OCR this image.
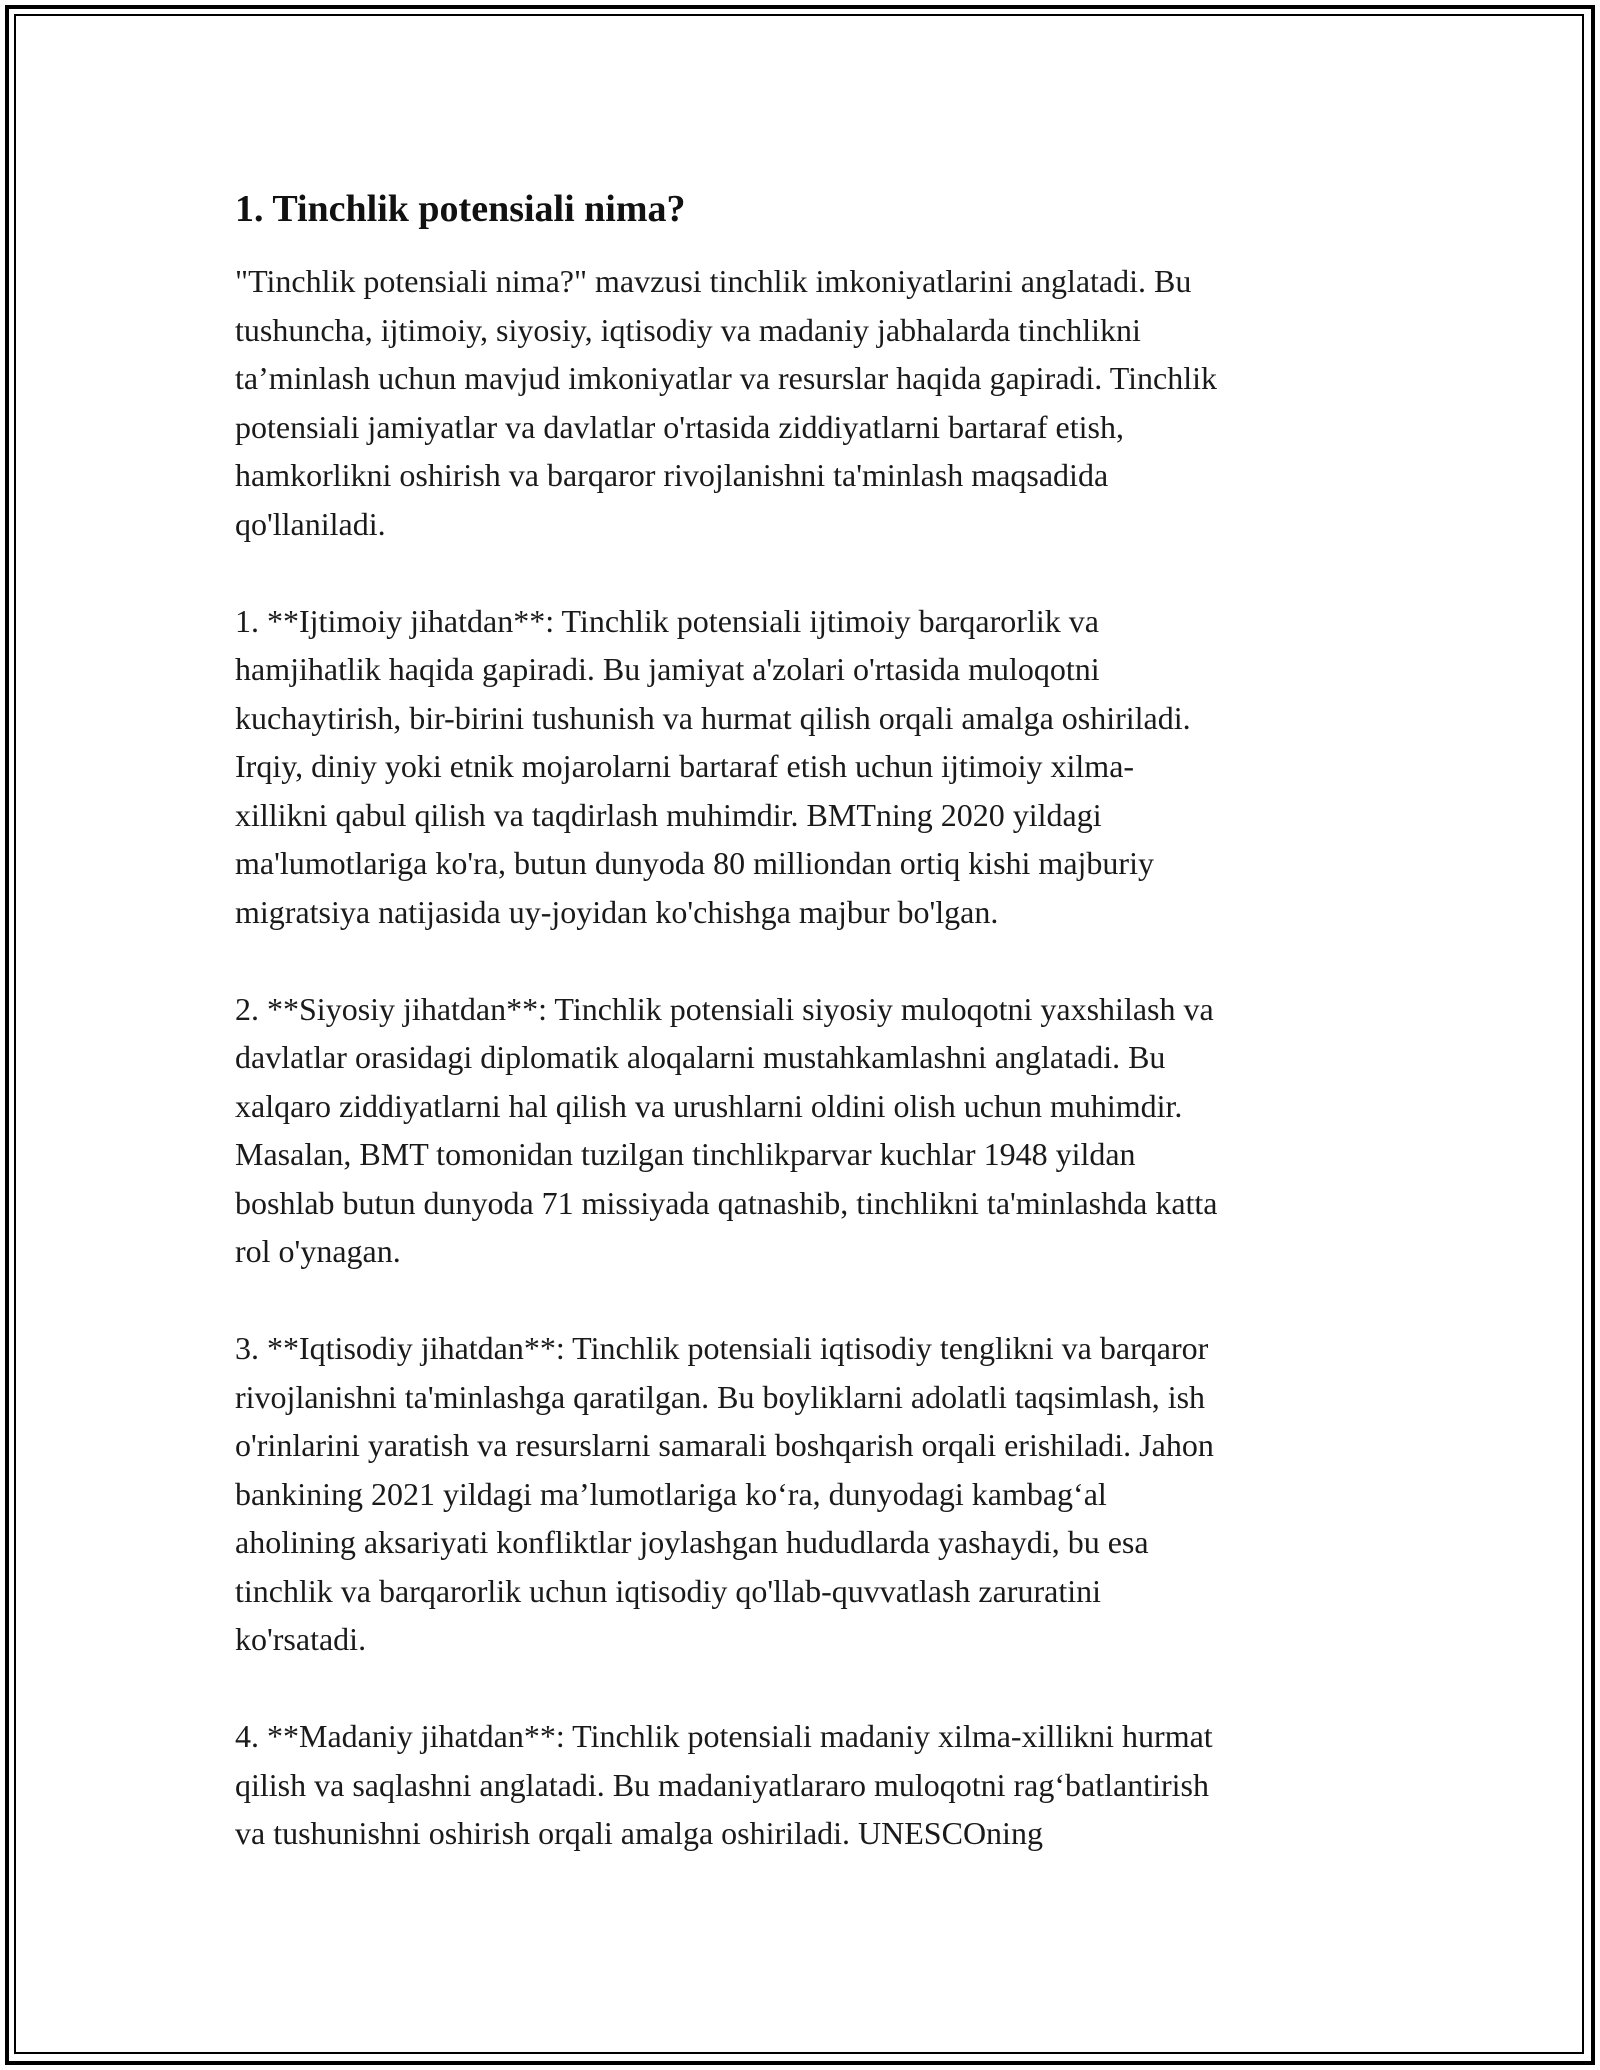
1. Tinchlik potensiali nima?
"Tinchlik potensiali nima?" mavzusi tinchlik imkoniyatlarini anglatadi. Bu
tushuncha, ijtimoiy, siyosiy, iqtisodiy va madaniy jabhalarda tinchlikni
ta’minlash uchun mavjud imkoniyatlar va resurslar haqida gapiradi. Tinchlik
potensiali jamiyatlar va davlatlar o'rtasida ziddiyatlarni bartaraf etish,
hamkorlikni oshirish va barqaror rivojlanishni ta'minlash maqsadida
qo'llaniladi.
1. **Ijtimoiy jihatdan**: Tinchlik potensiali ijtimoiy barqarorlik va
hamjihatlik haqida gapiradi. Bu jamiyat a'zolari o'rtasida muloqotni
kuchaytirish, bir-birini tushunish va hurmat qilish orqali amalga oshiriladi.
Irqiy, diniy yoki etnik mojarolarni bartaraf etish uchun ijtimoiy xilma-
xillikni qabul qilish va taqdirlash muhimdir. BMTning 2020 yildagi
ma'lumotlariga ko'ra, butun dunyoda 80 milliondan ortiq kishi majburiy
migratsiya natijasida uy-joyidan ko'chishga majbur bo'lgan.
2. **Siyosiy jihatdan**: Tinchlik potensiali siyosiy muloqotni yaxshilash va
davlatlar orasidagi diplomatik aloqalarni mustahkamlashni anglatadi. Bu
xalqaro ziddiyatlarni hal qilish va urushlarni oldini olish uchun muhimdir.
Masalan, BMT tomonidan tuzilgan tinchlikparvar kuchlar 1948 yildan
boshlab butun dunyoda 71 missiyada qatnashib, tinchlikni ta'minlashda katta
rol o'ynagan.
3. **Iqtisodiy jihatdan**: Tinchlik potensiali iqtisodiy tenglikni va barqaror
rivojlanishni ta'minlashga qaratilgan. Bu boyliklarni adolatli taqsimlash, ish
o'rinlarini yaratish va resurslarni samarali boshqarish orqali erishiladi. Jahon
bankining 2021 yildagi ma’lumotlariga ko‘ra, dunyodagi kambag‘al
aholining aksariyati konfliktlar joylashgan hududlarda yashaydi, bu esa
tinchlik va barqarorlik uchun iqtisodiy qo'llab-quvvatlash zaruratini
ko'rsatadi.
4. **Madaniy jihatdan**: Tinchlik potensiali madaniy xilma-xillikni hurmat
qilish va saqlashni anglatadi. Bu madaniyatlararo muloqotni rag‘batlantirish
va tushunishni oshirish orqali amalga oshiriladi. UNESCOning
